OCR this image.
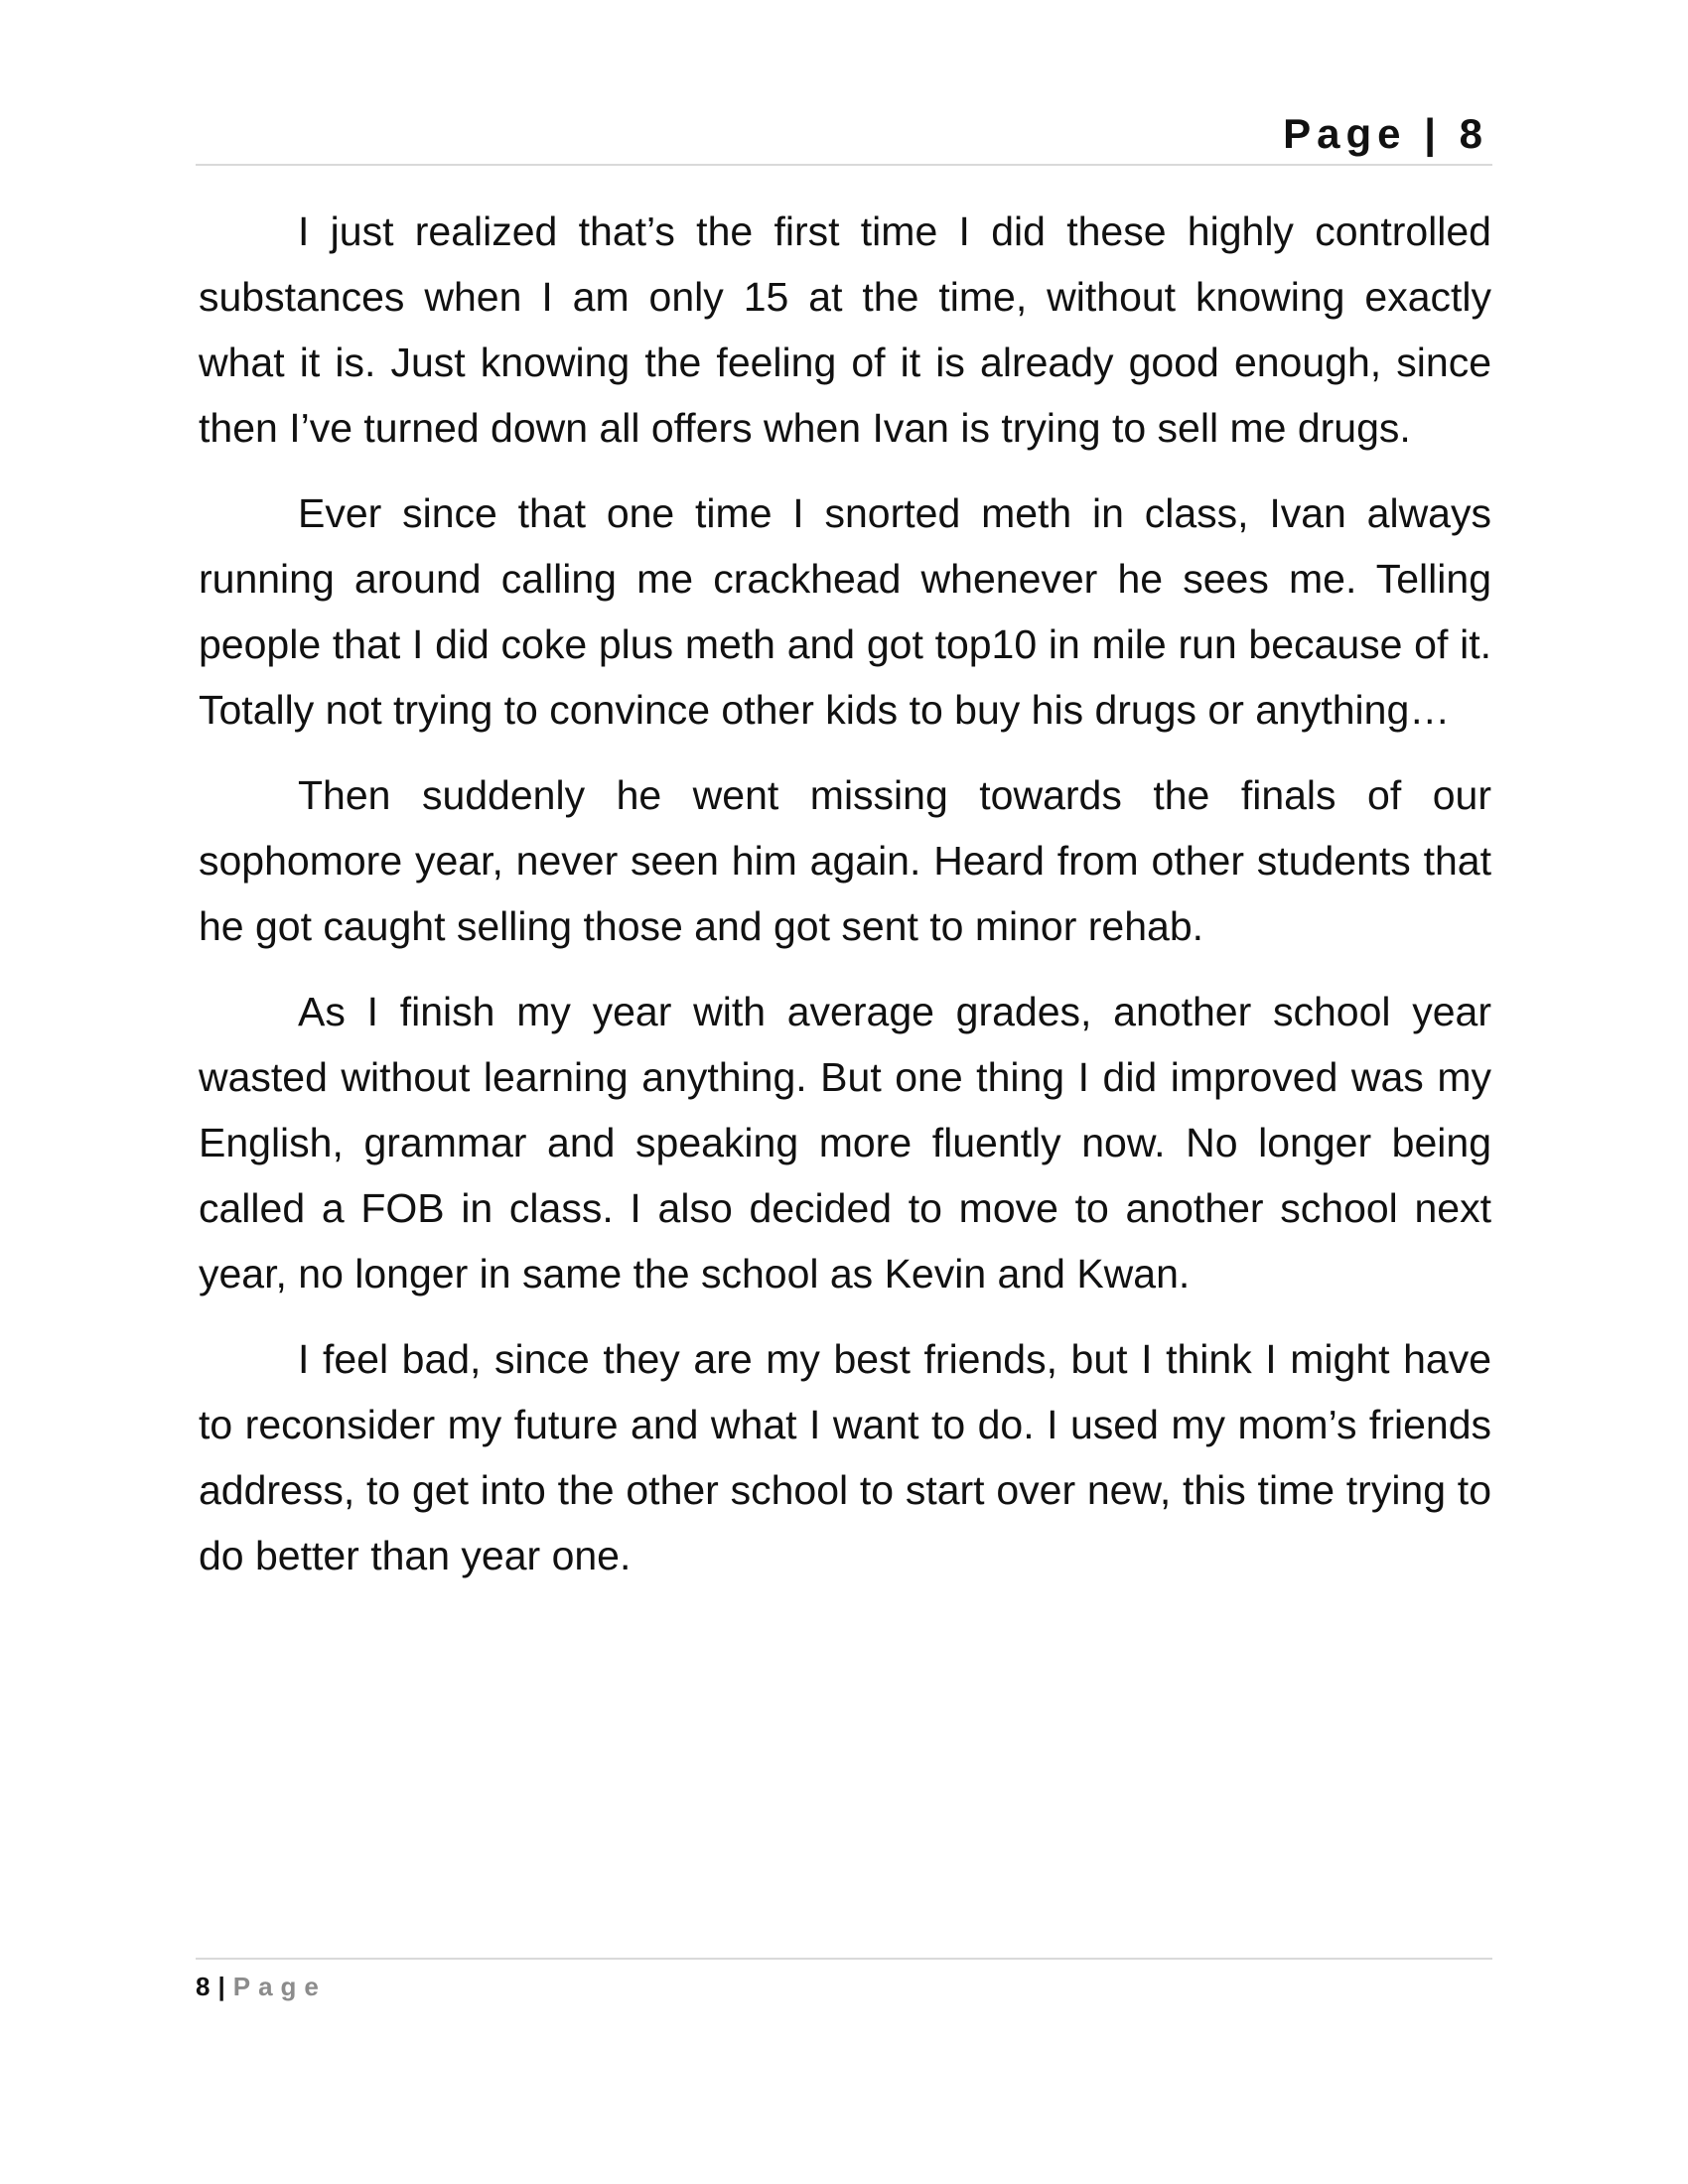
Page | 8

I just realized that’s the first time I did these highly controlled substances when I am only 15 at the time, without knowing exactly what it is. Just knowing the feeling of it is already good enough, since then I’ve turned down all offers when Ivan is trying to sell me drugs.

Ever since that one time I snorted meth in class, Ivan always running around calling me crackhead whenever he sees me. Telling people that I did coke plus meth and got top10 in mile run because of it. Totally not trying to convince other kids to buy his drugs or anything…

Then suddenly he went missing towards the finals of our sophomore year, never seen him again. Heard from other students that he got caught selling those and got sent to minor rehab.

As I finish my year with average grades, another school year wasted without learning anything. But one thing I did improved was my English, grammar and speaking more fluently now. No longer being called a FOB in class. I also decided to move to another school next year, no longer in same the school as Kevin and Kwan.

I feel bad, since they are my best friends, but I think I might have to reconsider my future and what I want to do. I used my mom’s friends address, to get into the other school to start over new, this time trying to do better than year one.

8 | Page
